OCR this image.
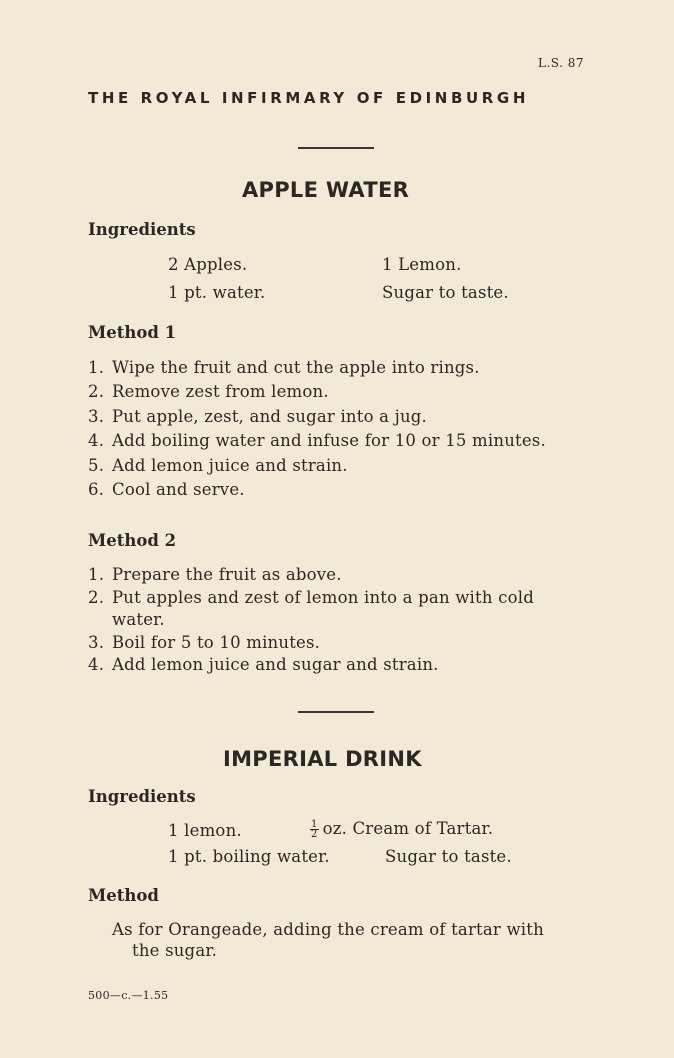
L.S. 87
THE ROYAL INFIRMARY OF EDINBURGH
APPLE WATER
Ingredients
2 Apples.	1 Lemon.
1 pt. water.	Sugar to taste.
Method 1
1. Wipe the fruit and cut the apple into rings.
2. Remove zest from lemon.
3. Put apple, zest, and sugar into a jug.
4. Add boiling water and infuse for 10 or 15 minutes.
5. Add lemon juice and strain.
6. Cool and serve.
Method 2
1. Prepare the fruit as above.
2. Put apples and zest of lemon into a pan with cold
water.
3. Boil for 5 to 10 minutes.
4. Add lemon juice and sugar and strain.
IMPERIAL DRINK
Ingredients
1 lemon.	$\frac{1}{2}$ oz. Cream of Tartar.
1 pt. boiling water.	Sugar to taste.
Method
As for Orangeade, adding the cream of tartar with
the sugar.
500—c.—1.55
